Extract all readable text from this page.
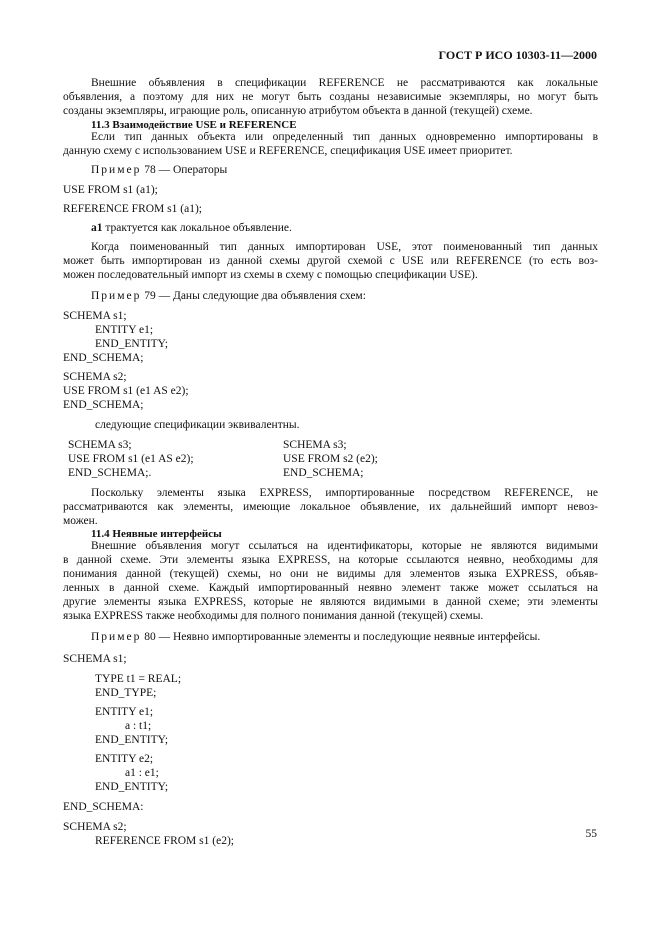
ГОСТ Р ИСО 10303-11—2000
Внешние объявления в спецификации REFERENCE не рассматриваются как локальные
объявления, а поэтому для них не могут быть созданы независимые экземпляры, но могут быть
созданы экземпляры, играющие роль, описанную атрибутом объекта в данной (текущей) схеме.
11.3 Взаимодействие USE и REFERENCE
Если тип данных объекта или определенный тип данных одновременно импортированы в
данную схему с использованием USE и REFERENCE, спецификация USE имеет приоритет.
Пример 78 — Операторы
USE FROM s1 (a1);
REFERENCE FROM s1 (a1);
a1 трактуется как локальное объявление.
Когда поименованный тип данных импортирован USE, этот поименованный тип данных
может быть импортирован из данной схемы другой схемой с USE или REFERENCE (то есть воз-
можен последовательный импорт из схемы в схему с помощью спецификации USE).
Пример 79 — Даны следующие два объявления схем:
SCHEMA s1;
ENTITY e1;
END_ENTITY;
END_SCHEMA;
SCHEMA s2;
USE FROM s1 (e1 AS e2);
END_SCHEMA;
следующие спецификации эквивалентны.
SCHEMA s3;
USE FROM s1 (e1 AS e2);
END_SCHEMA;.
SCHEMA s3;
USE FROM s2 (e2);
END_SCHEMA;
Поскольку элементы языка EXPRESS, импортированные посредством REFERENCE, не
рассматриваются как элементы, имеющие локальное объявление, их дальнейший импорт невоз-
можен.
11.4 Неявные интерфейсы
Внешние объявления могут ссылаться на идентификаторы, которые не являются видимыми
в данной схеме. Эти элементы языка EXPRESS, на которые ссылаются неявно, необходимы для
понимания данной (текущей) схемы, но они не видимы для элементов языка EXPRESS, объяв-
ленных в данной схеме. Каждый импортированный неявно элемент также может ссылаться на
другие элементы языка EXPRESS, которые не являются видимыми в данной схеме; эти элементы
языка EXPRESS также необходимы для полного понимания данной (текущей) схемы.
Пример 80 — Неявно импортированные элементы и последующие неявные интерфейсы.
SCHEMA s1;
TYPE t1 = REAL;
END_TYPE;
ENTITY e1;
a : t1;
END_ENTITY;
ENTITY e2;
a1 : e1;
END_ENTITY;
END_SCHEMA:
SCHEMA s2;
REFERENCE FROM s1 (e2);
55
